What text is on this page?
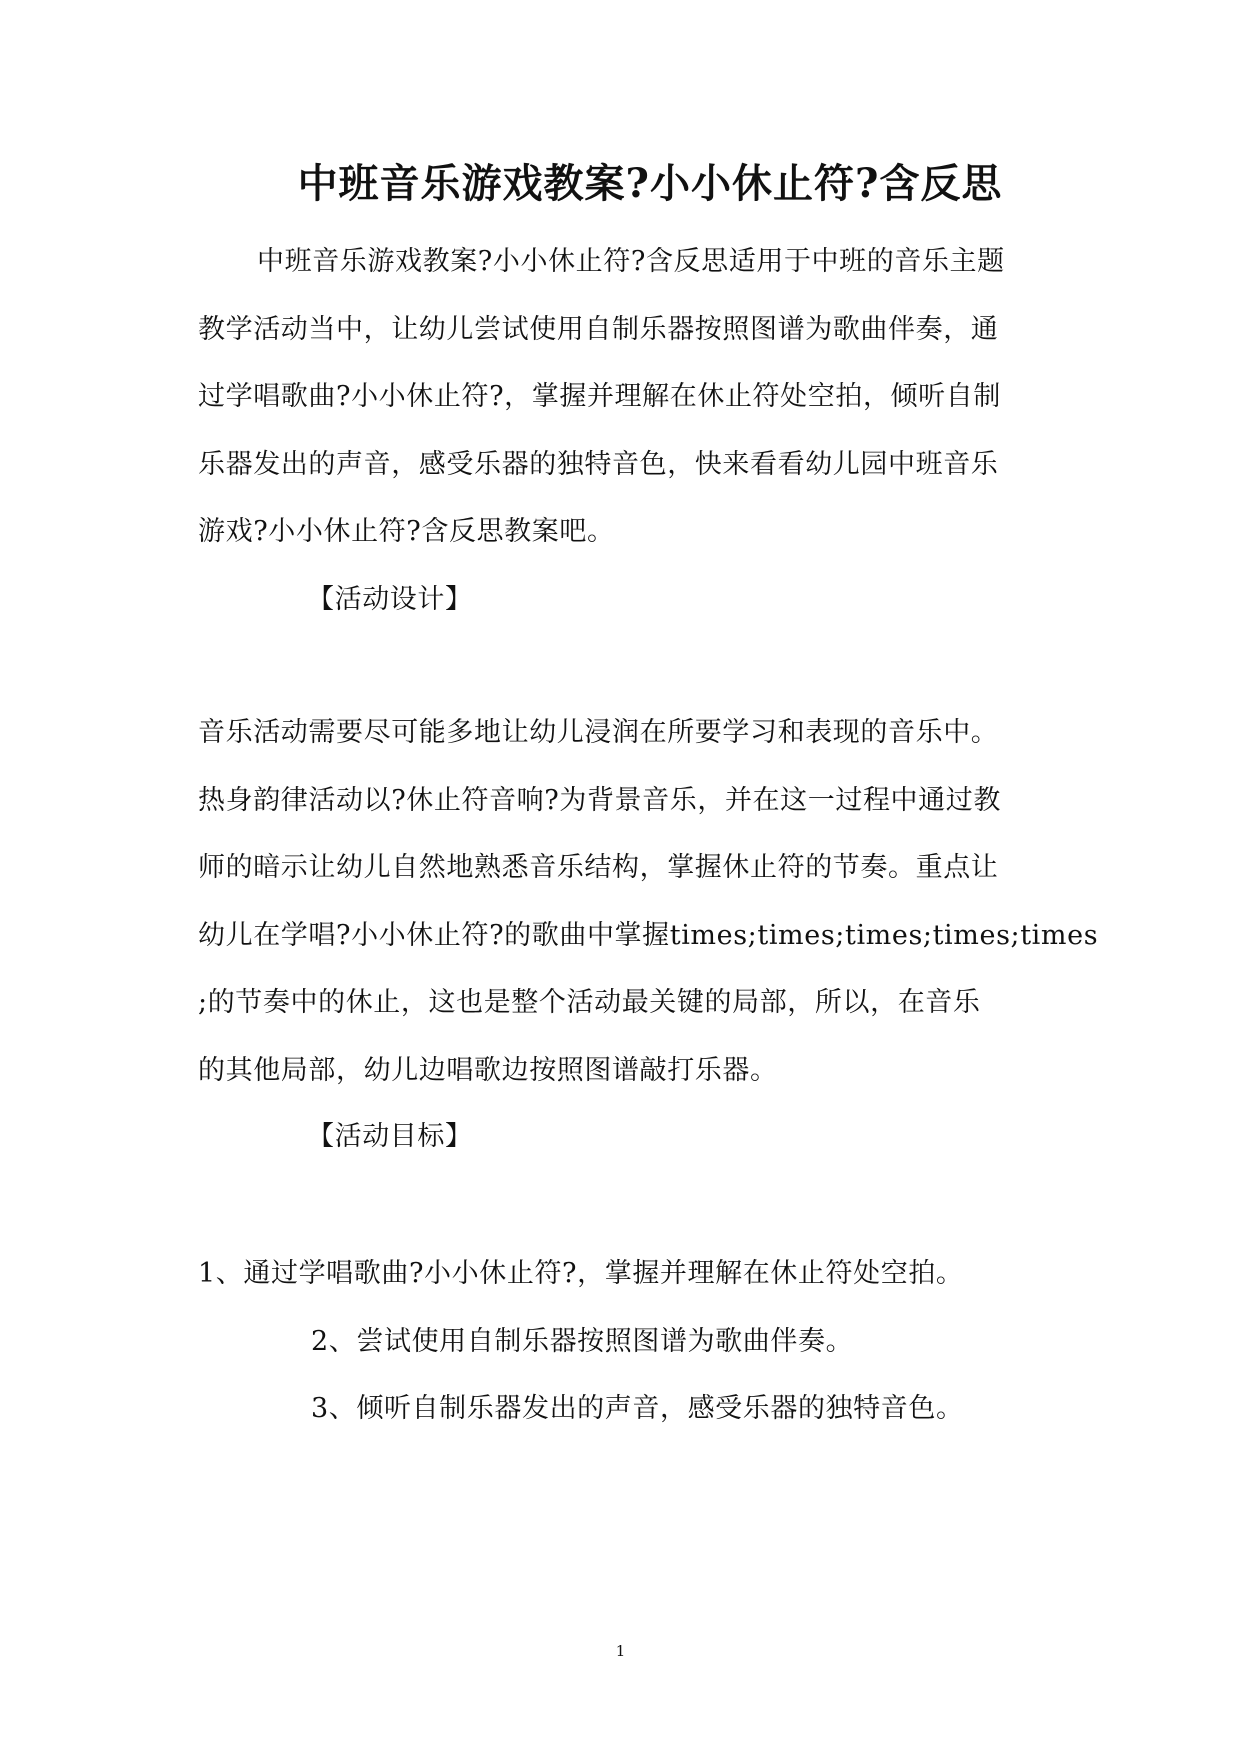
中班音乐游戏教案?小小休止符?含反思
中班音乐游戏教案?小小休止符?含反思适用于中班的音乐主题
教学活动当中，让幼儿尝试使用自制乐器按照图谱为歌曲伴奏，通
过学唱歌曲?小小休止符?，掌握并理解在休止符处空拍，倾听自制
乐器发出的声音，感受乐器的独特音色，快来看看幼儿园中班音乐
游戏?小小休止符?含反思教案吧。
【活动设计】
音乐活动需要尽可能多地让幼儿浸润在所要学习和表现的音乐中。
热身韵律活动以?休止符音响?为背景音乐，并在这一过程中通过教
师的暗示让幼儿自然地熟悉音乐结构，掌握休止符的节奏。重点让
幼儿在学唱?小小休止符?的歌曲中掌握times;times;times;times;times
;的节奏中的休止，这也是整个活动最关键的局部，所以，在音乐
的其他局部，幼儿边唱歌边按照图谱敲打乐器。
【活动目标】
1、通过学唱歌曲?小小休止符?，掌握并理解在休止符处空拍。
2、尝试使用自制乐器按照图谱为歌曲伴奏。
3、倾听自制乐器发出的声音，感受乐器的独特音色。
1
